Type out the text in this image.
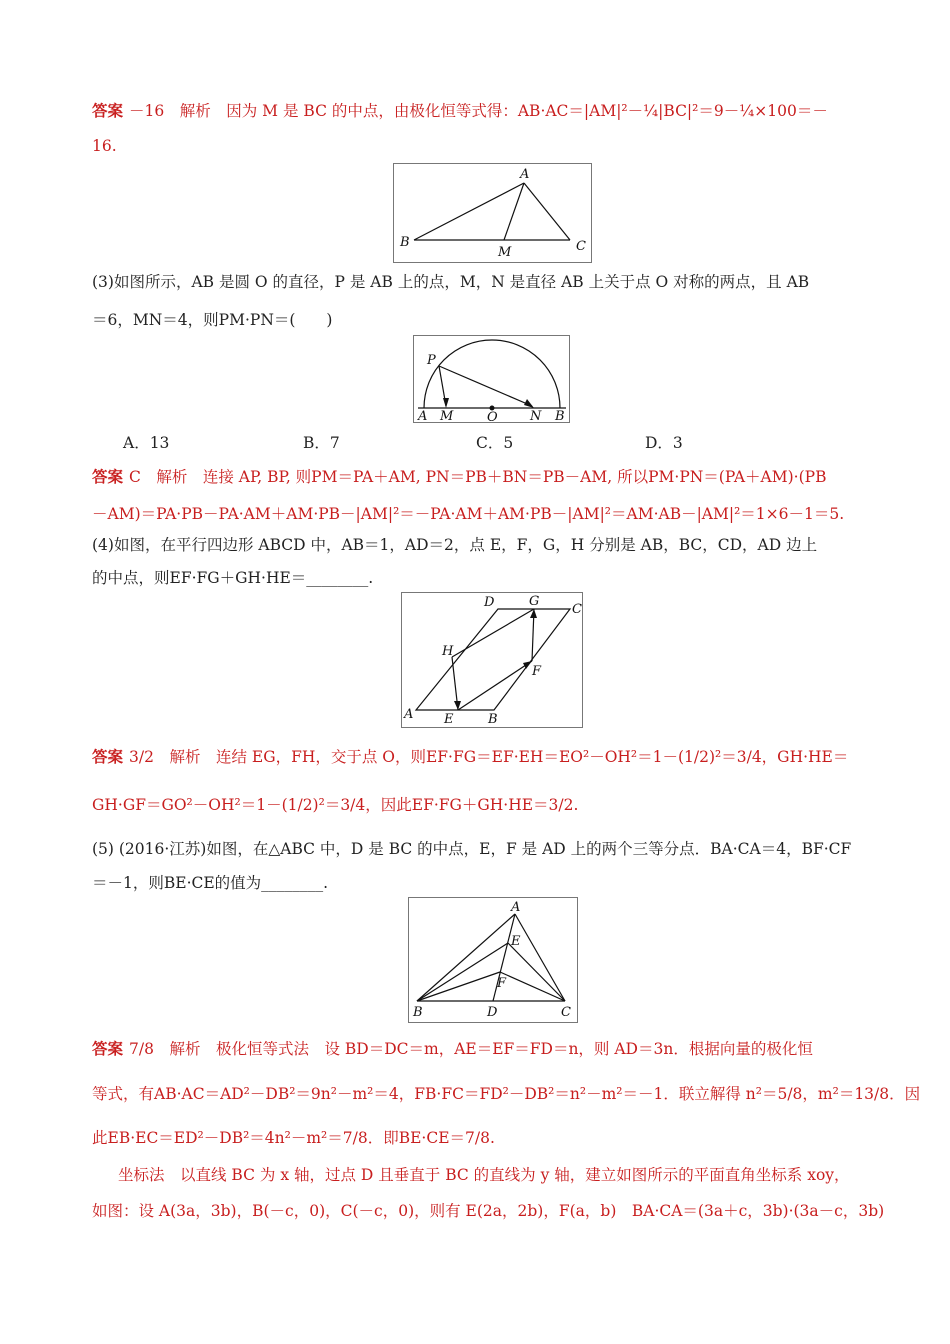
答案 －16　解析　因为 M 是 BC 的中点，由极化恒等式得：AB·AC＝|AM|²－¼|BC|²＝9－¼×100＝－
16.
A
B
M	C
(3)如图所示，AB 是圆 O 的直径，P 是 AB 上的点，M，N 是直径 AB 上关于点 O 对称的两点，且 AB
＝6，MN＝4，则PM·PN＝(　　)
P
A M	O N B
A．13	B．7	C．5	D．3
答案 C　解析　连接 AP, BP, 则PM＝PA＋AM, PN＝PB＋BN＝PB－AM, 所以PM·PN＝(PA＋AM)·(PB
－AM)＝PA·PB－PA·AM＋AM·PB－|AM|²＝－PA·AM＋AM·PB－|AM|²＝AM·AB－|AM|²＝1×6－1＝5.
(4)如图，在平行四边形 ABCD 中，AB＝1，AD＝2，点 E，F，G，H 分别是 AB，BC，CD，AD 边上
的中点，则EF·FG＋GH·HE＝________.
D	G
C
H
F
A E	B
答案 3/2　解析　连结 EG，FH，交于点 O，则EF·FG＝EF·EH＝EO²－OH²＝1－(1/2)²＝3/4，GH·HE＝
GH·GF＝GO²－OH²＝1－(1/2)²＝3/4，因此EF·FG＋GH·HE＝3/2.
(5) (2016·江苏)如图，在△ABC 中，D 是 BC 的中点，E，F 是 AD 上的两个三等分点．BA·CA＝4，BF·CF
＝－1，则BE·CE的值为________.
A
E
F
B	D	C
答案 7/8　解析　极化恒等式法　设 BD＝DC＝m，AE＝EF＝FD＝n，则 AD＝3n．根据向量的极化恒
等式，有AB·AC＝AD²－DB²＝9n²－m²＝4，FB·FC＝FD²－DB²＝n²－m²＝－1．联立解得 n²＝5/8，m²＝13/8．因
此EB·EC＝ED²－DB²＝4n²－m²＝7/8．即BE·CE＝7/8.
坐标法　以直线 BC 为 x 轴，过点 D 且垂直于 BC 的直线为 y 轴，建立如图所示的平面直角坐标系 xoy，
如图：设 A(3a，3b)，B(－c，0)，C(－c，0)，则有 E(2a，2b)，F(a，b)　BA·CA＝(3a＋c，3b)·(3a－c，3b)
